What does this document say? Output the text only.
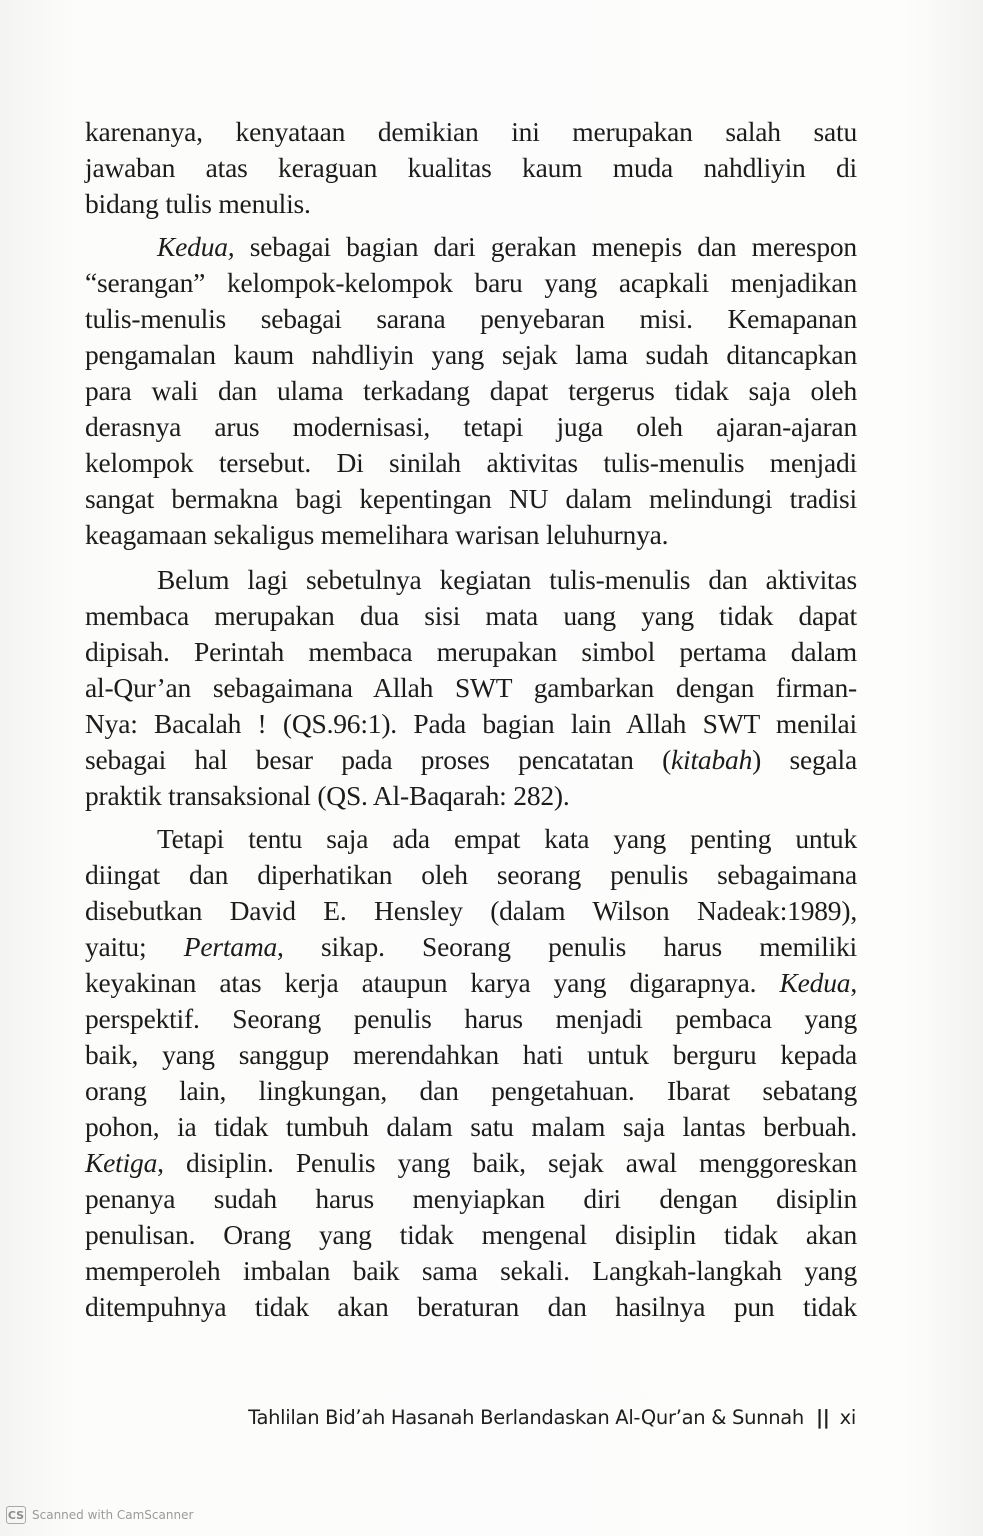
karenanya, kenyataan demikian ini merupakan salah satu
jawaban atas keraguan kualitas kaum muda nahdliyin di
bidang tulis menulis.
Kedua, sebagai bagian dari gerakan menepis dan merespon
“serangan” kelompok-kelompok baru yang acapkali menjadikan
tulis-menulis sebagai sarana penyebaran misi. Kemapanan
pengamalan kaum nahdliyin yang sejak lama sudah ditancapkan
para wali dan ulama terkadang dapat tergerus tidak saja oleh
derasnya arus modernisasi, tetapi juga oleh ajaran-ajaran
kelompok tersebut. Di sinilah aktivitas tulis-menulis menjadi
sangat bermakna bagi kepentingan NU dalam melindungi tradisi
keagamaan sekaligus memelihara warisan leluhurnya.
Belum lagi sebetulnya kegiatan tulis-menulis dan aktivitas
membaca merupakan dua sisi mata uang yang tidak dapat
dipisah. Perintah membaca merupakan simbol pertama dalam
al-Qur’an sebagaimana Allah SWT gambarkan dengan firman-
Nya: Bacalah ! (QS.96:1). Pada bagian lain Allah SWT menilai
sebagai hal besar pada proses pencatatan (kitabah) segala
praktik transaksional (QS. Al-Baqarah: 282).
Tetapi tentu saja ada empat kata yang penting untuk
diingat dan diperhatikan oleh seorang penulis sebagaimana
disebutkan David E. Hensley (dalam Wilson Nadeak:1989),
yaitu; Pertama, sikap. Seorang penulis harus memiliki
keyakinan atas kerja ataupun karya yang digarapnya. Kedua,
perspektif. Seorang penulis harus menjadi pembaca yang
baik, yang sanggup merendahkan hati untuk berguru kepada
orang lain, lingkungan, dan pengetahuan. Ibarat sebatang
pohon, ia tidak tumbuh dalam satu malam saja lantas berbuah.
Ketiga, disiplin. Penulis yang baik, sejak awal menggoreskan
penanya sudah harus menyiapkan diri dengan disiplin
penulisan. Orang yang tidak mengenal disiplin tidak akan
memperoleh imbalan baik sama sekali. Langkah-langkah yang
ditempuhnya tidak akan beraturan dan hasilnya pun tidak
Tahlilan Bid’ah Hasanah Berlandaskan Al-Qur’an & Sunnah || xi
CS Scanned with CamScanner
